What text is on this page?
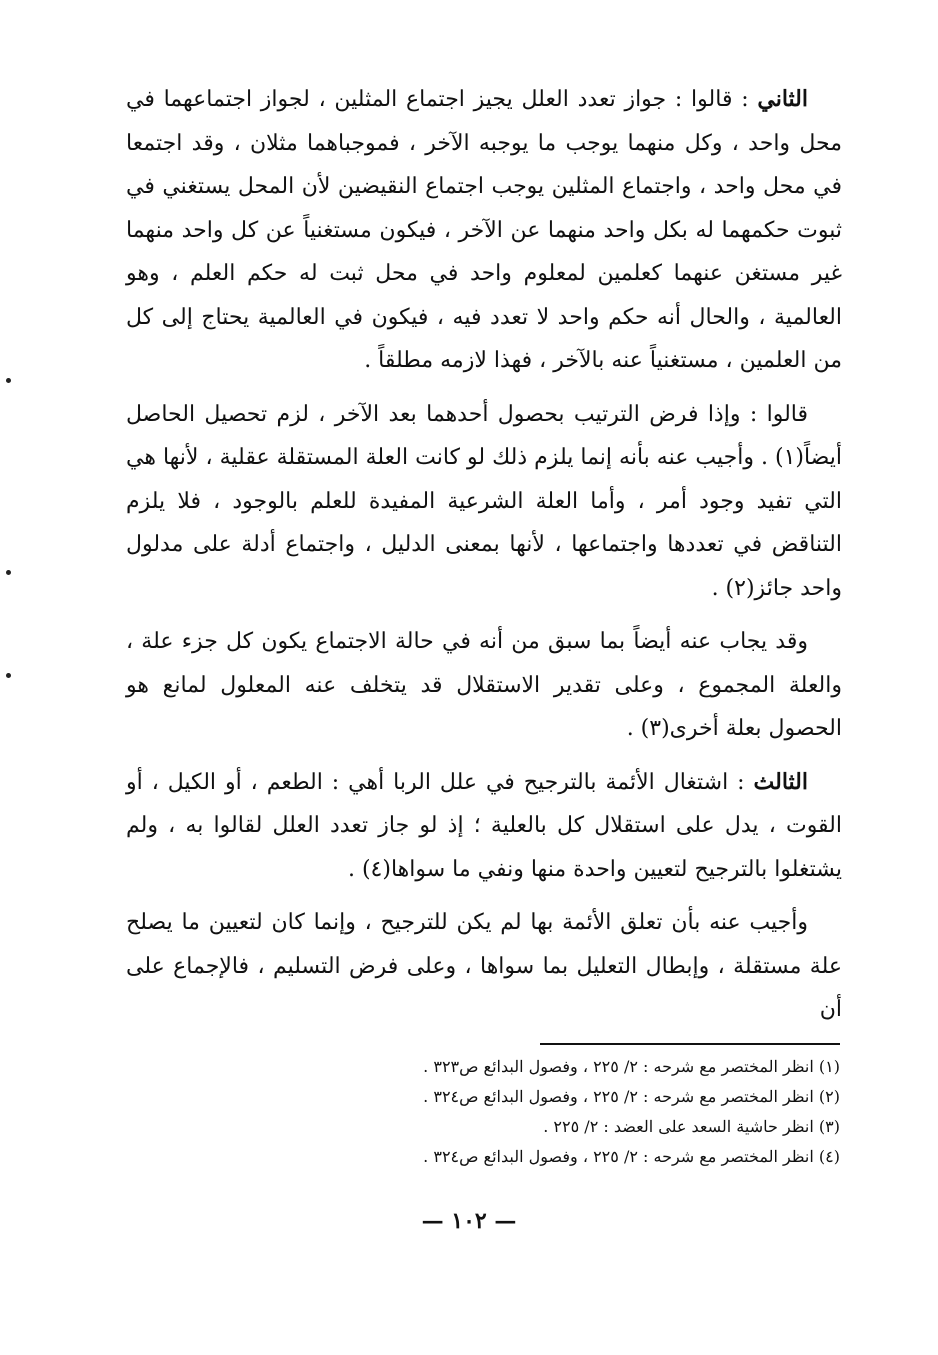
الثاني : قالوا : جواز تعدد العلل يجيز اجتماع المثلين ، لجواز اجتماعهما في محل واحد ، وكل منهما يوجب ما يوجبه الآخر ، فموجباهما مثلان ، وقد اجتمعا في محل واحد ، واجتماع المثلين يوجب اجتماع النقيضين لأن المحل يستغني في ثبوت حكمهما له بكل واحد منهما عن الآخر ، فيكون مستغنياً عن كل واحد منهما غير مستغن عنهما كعلمين لمعلوم واحد في محل ثبت له حكم العلم ، وهو العالمية ، والحال أنه حكم واحد لا تعدد فيه ، فيكون في العالمية يحتاج إلى كل من العلمين ، مستغنياً عنه بالآخر ، فهذا لازمه مطلقاً .

قالوا : وإذا فرض الترتيب بحصول أحدهما بعد الآخر ، لزم تحصيل الحاصل أيضاً(١) . وأجيب عنه بأنه إنما يلزم ذلك لو كانت العلة المستقلة عقلية ، لأنها هي التي تفيد وجود أمر ، وأما العلة الشرعية المفيدة للعلم بالوجود ، فلا يلزم التناقض في تعددها واجتماعها ، لأنها بمعنى الدليل ، واجتماع أدلة على مدلول واحد جائز(٢) .

وقد يجاب عنه أيضاً بما سبق من أنه في حالة الاجتماع يكون كل جزء علة ، والعلة المجموع ، وعلى تقدير الاستقلال قد يتخلف عنه المعلول لمانع هو الحصول بعلة أخرى(٣) .

الثالث : اشتغال الأئمة بالترجيح في علل الربا أهي : الطعم ، أو الكيل ، أو القوت ، يدل على استقلال كل بالعلية ؛ إذ لو جاز تعدد العلل لقالوا به ، ولم يشتغلوا بالترجيح لتعيين واحدة منها ونفي ما سواها(٤) .

وأجيب عنه بأن تعلق الأئمة بها لم يكن للترجيح ، وإنما كان لتعيين ما يصلح علة مستقلة ، وإبطال التعليل بما سواها ، وعلى فرض التسليم ، فالإجماع على أن

(١) انظر المختصر مع شرحه : ٢/ ٢٢٥ ، وفصول البدائع ص٣٢٣ .

(٢) انظر المختصر مع شرحه : ٢/ ٢٢٥ ، وفصول البدائع ص٣٢٤ .

(٣) انظر حاشية السعد على العضد : ٢/ ٢٢٥ .

(٤) انظر المختصر مع شرحه : ٢/ ٢٢٥ ، وفصول البدائع ص٣٢٤ .

— ١٠٢ —
